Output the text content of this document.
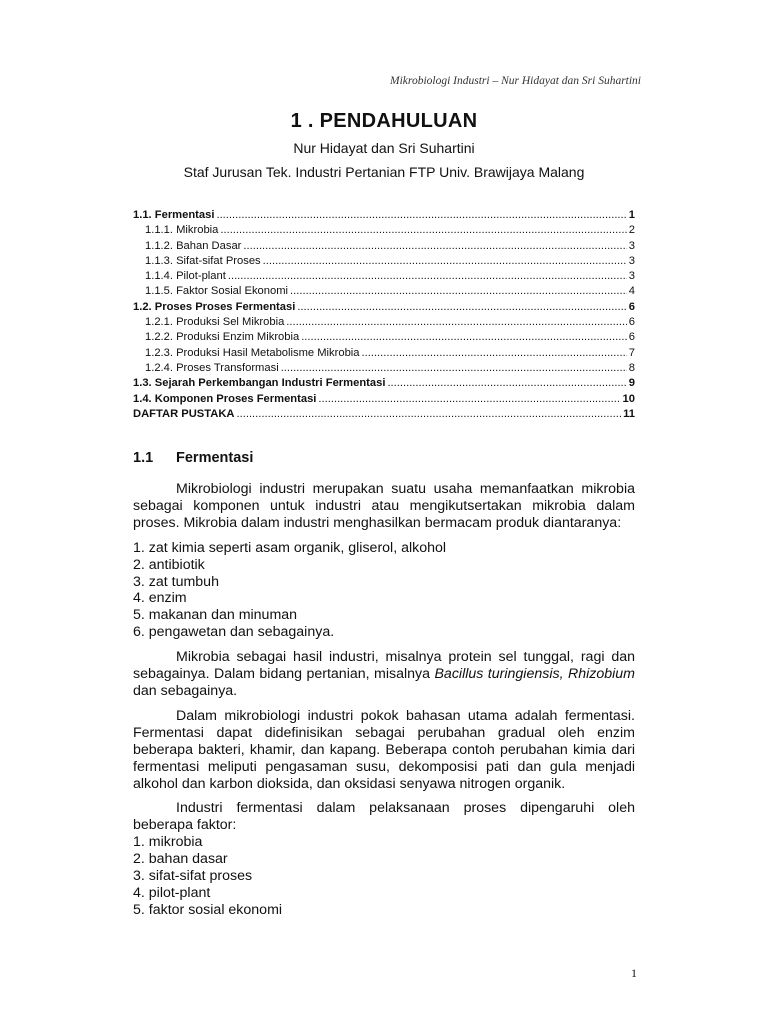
Mikrobiologi Industri – Nur Hidayat dan Sri Suhartini
1 . PENDAHULUAN
Nur Hidayat dan Sri Suhartini
Staf Jurusan Tek. Industri Pertanian FTP Univ. Brawijaya Malang
1.1. Fermentasi .....	1
1.1.1. Mikrobia .....	2
1.1.2. Bahan Dasar .....	3
1.1.3. Sifat-sifat Proses .....	3
1.1.4. Pilot-plant .....	3
1.1.5. Faktor Sosial Ekonomi .....	4
1.2. Proses Proses Fermentasi .....	6
1.2.1. Produksi Sel Mikrobia .....	6
1.2.2. Produksi Enzim Mikrobia .....	6
1.2.3. Produksi Hasil Metabolisme Mikrobia .....	7
1.2.4. Proses Transformasi .....	8
1.3. Sejarah Perkembangan Industri Fermentasi .....	9
1.4. Komponen Proses Fermentasi .....	10
DAFTAR PUSTAKA .....	11
1.1 Fermentasi

Mikrobiologi industri merupakan suatu usaha memanfaatkan mikrobia sebagai komponen untuk industri atau mengikutsertakan mikrobia dalam proses. Mikrobia dalam industri menghasilkan bermacam produk diantaranya:

1. zat kimia seperti asam organik, gliserol, alkohol
2. antibiotik
3. zat tumbuh
4. enzim
5. makanan dan minuman
6. pengawetan dan sebagainya.

Mikrobia sebagai hasil industri, misalnya protein sel tunggal, ragi dan sebagainya. Dalam bidang pertanian, misalnya Bacillus turingiensis, Rhizobium dan sebagainya.

Dalam mikrobiologi industri pokok bahasan utama adalah fermentasi. Fermentasi dapat didefinisikan sebagai perubahan gradual oleh enzim beberapa bakteri, khamir, dan kapang. Beberapa contoh perubahan kimia dari fermentasi meliputi pengasaman susu, dekomposisi pati dan gula menjadi alkohol dan karbon dioksida, dan oksidasi senyawa nitrogen organik.

Industri fermentasi dalam pelaksanaan proses dipengaruhi oleh beberapa faktor:

1. mikrobia
2. bahan dasar
3. sifat-sifat proses
4. pilot-plant
5. faktor sosial ekonomi
1
